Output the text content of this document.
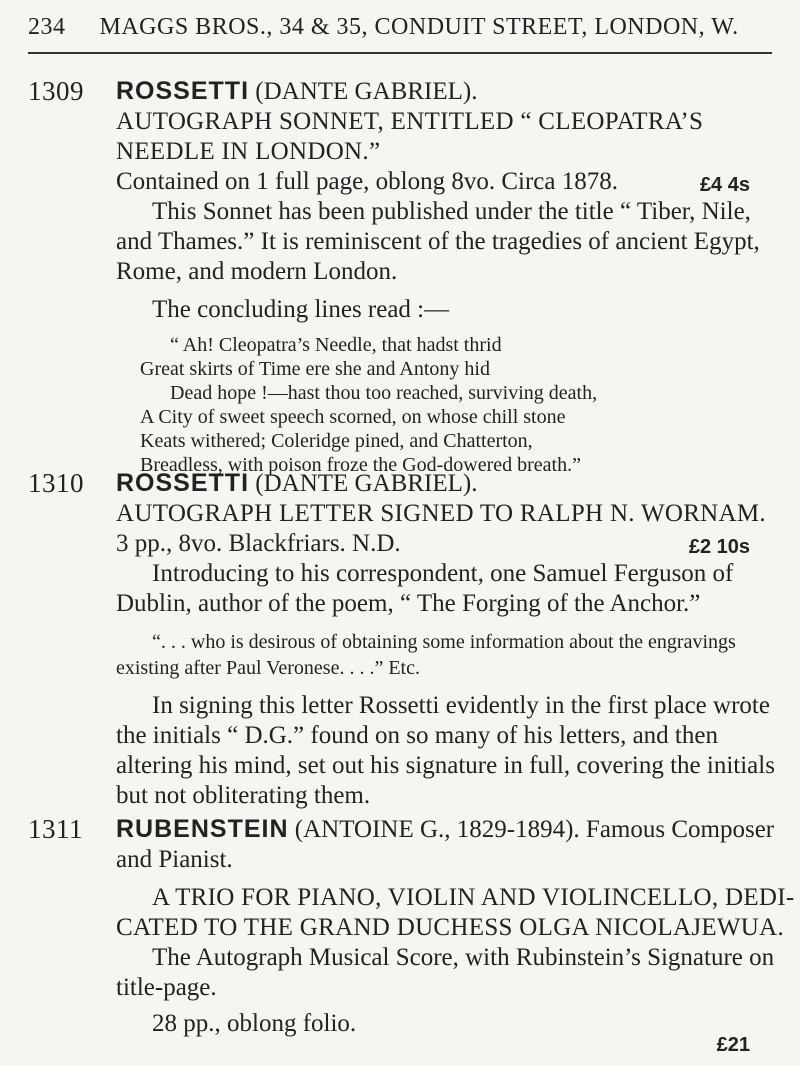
234 MAGGS BROS., 34 & 35, CONDUIT STREET, LONDON, W.
1309 ROSSETTI (DANTE GABRIEL).
AUTOGRAPH SONNET, ENTITLED “ CLEOPATRA’S
NEEDLE IN LONDON.”
Contained on 1 full page, oblong 8vo. Circa 1878.	£4 4s
This Sonnet has been published under the title “ Tiber, Nile, and Thames.” It is reminiscent of the tragedies of ancient Egypt, Rome, and modern London.
The concluding lines read :—
“ Ah! Cleopatra’s Needle, that hadst thrid
Great skirts of Time ere she and Antony hid
Dead hope !—hast thou too reached, surviving death,
A City of sweet speech scorned, on whose chill stone
Keats withered; Coleridge pined, and Chatterton,
Breadless, with poison froze the God-dowered breath.”
1310 ROSSETTI (DANTE GABRIEL).
AUTOGRAPH LETTER SIGNED TO RALPH N. WORNAM.
3 pp., 8vo. Blackfriars. N.D.	£2 10s
Introducing to his correspondent, one Samuel Ferguson of Dublin, author of the poem, “ The Forging of the Anchor.”
“. . . who is desirous of obtaining some information about the engravings existing after Paul Veronese. . . .” Etc.
In signing this letter Rossetti evidently in the first place wrote the initials “ D.G.” found on so many of his letters, and then altering his mind, set out his signature in full, covering the initials but not obliterating them.
1311 RUBENSTEIN (ANTOINE G., 1829-1894). Famous Composer and Pianist.
A TRIO FOR PIANO, VIOLIN AND VIOLINCELLO, DEDI-
CATED TO THE GRAND DUCHESS OLGA NICOLAJEWUA.
The Autograph Musical Score, with Rubinstein’s Signature on title-page.
28 pp., oblong folio.
£21
